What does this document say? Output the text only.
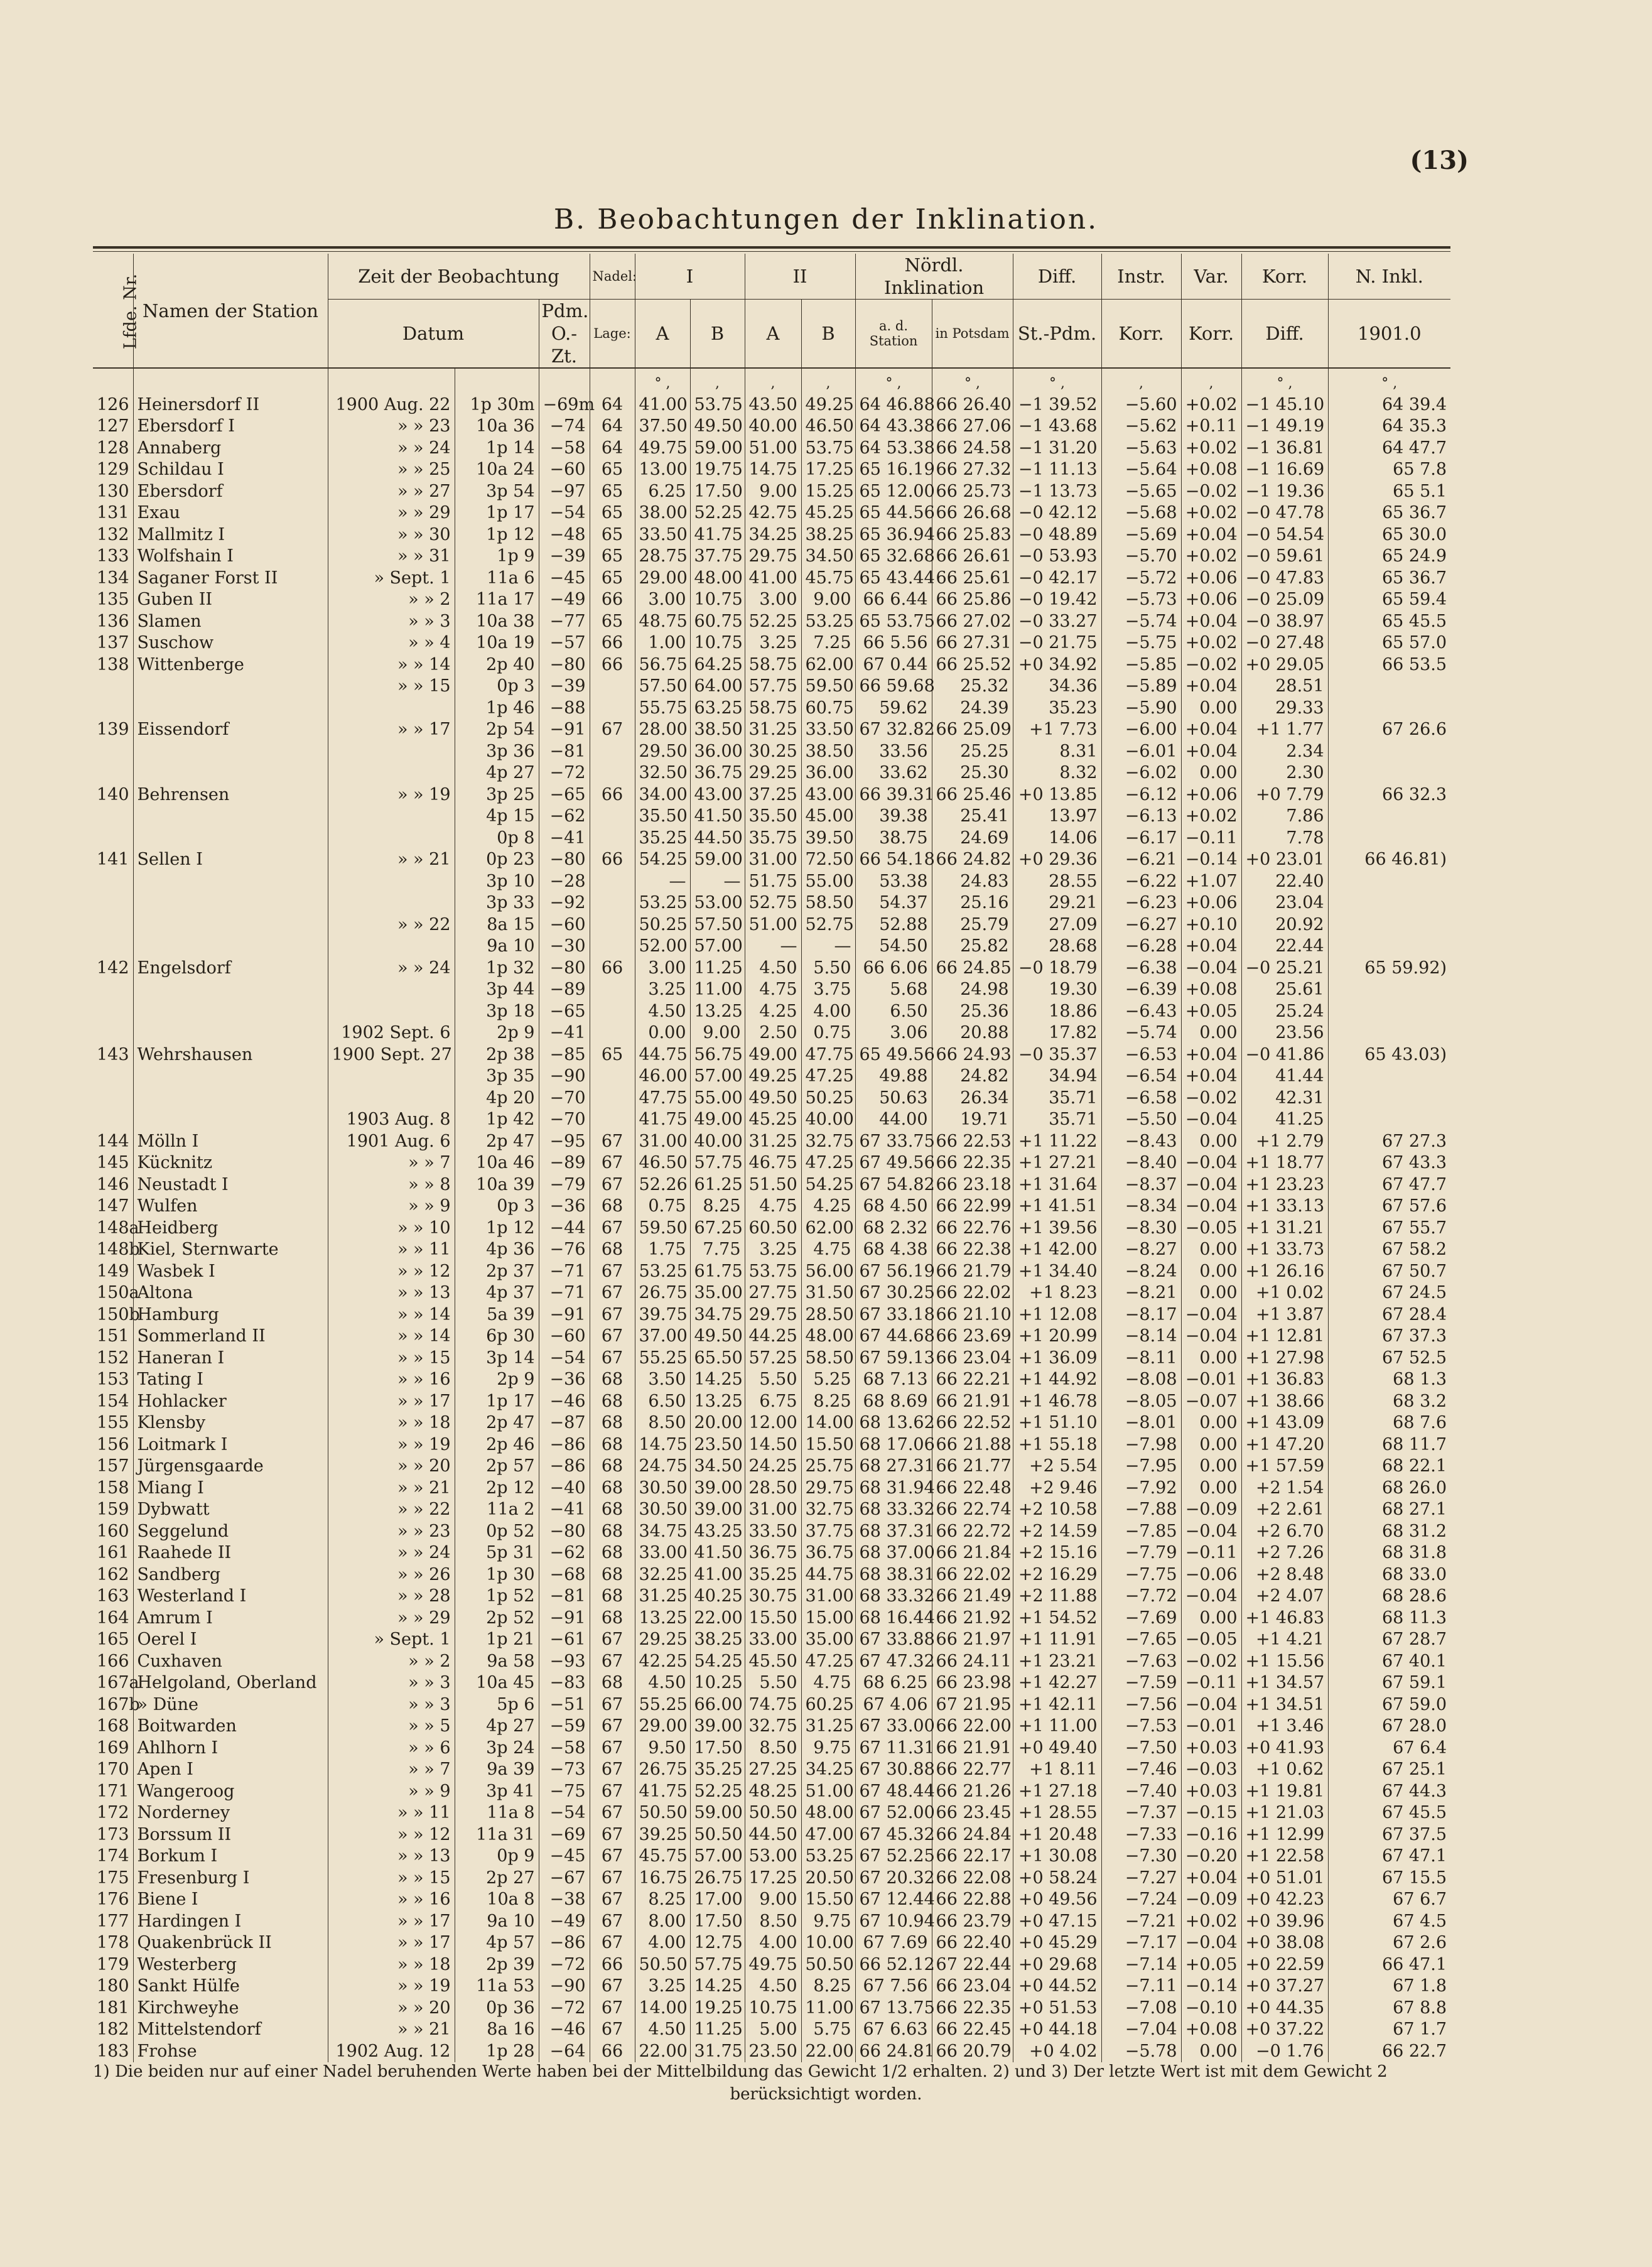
(13)
B. Beobachtungen der Inklination.
Lfde. Nr.	Namen der Station	Zeit der Beobachtung			Nadel:	I		II		Nördl. Inklination		Diff.	Instr.	Var.	Korr.	N. Inkl.
		Datum		Pdm. O.-Zt.	Lage:	A	B	A	B	a. d. Station	in Potsdam	St.-Pdm.	Korr.	Korr.	Diff.	1901.0
						° ,	,	,	,	° ,	° ,	° ,	,	,	° ,	° ,
126	Heinersdorf II	1900 Aug. 22	1p 30m	−69m	64	41.00	53.75	43.50	49.25	64 46.88	66 26.40	−1 39.52	−5.60	+0.02	−1 45.10	64 39.4
127	Ebersdorf I	» » 23	10a 36	−74	64	37.50	49.50	40.00	46.50	64 43.38	66 27.06	−1 43.68	−5.62	+0.11	−1 49.19	64 35.3
128	Annaberg	» » 24	1p 14	−58	64	49.75	59.00	51.00	53.75	64 53.38	66 24.58	−1 31.20	−5.63	+0.02	−1 36.81	64 47.7
129	Schildau I	» » 25	10a 24	−60	65	13.00	19.75	14.75	17.25	65 16.19	66 27.32	−1 11.13	−5.64	+0.08	−1 16.69	65 7.8
130	Ebersdorf	» » 27	3p 54	−97	65	6.25	17.50	9.00	15.25	65 12.00	66 25.73	−1 13.73	−5.65	−0.02	−1 19.36	65 5.1
131	Exau	» » 29	1p 17	−54	65	38.00	52.25	42.75	45.25	65 44.56	66 26.68	−0 42.12	−5.68	+0.02	−0 47.78	65 36.7
132	Mallmitz I	» » 30	1p 12	−48	65	33.50	41.75	34.25	38.25	65 36.94	66 25.83	−0 48.89	−5.69	+0.04	−0 54.54	65 30.0
133	Wolfshain I	» » 31	1p 9	−39	65	28.75	37.75	29.75	34.50	65 32.68	66 26.61	−0 53.93	−5.70	+0.02	−0 59.61	65 24.9
134	Saganer Forst II	» Sept. 1	11a 6	−45	65	29.00	48.00	41.00	45.75	65 43.44	66 25.61	−0 42.17	−5.72	+0.06	−0 47.83	65 36.7
135	Guben II	» » 2	11a 17	−49	66	3.00	10.75	3.00	9.00	66 6.44	66 25.86	−0 19.42	−5.73	+0.06	−0 25.09	65 59.4
136	Slamen	» » 3	10a 38	−77	65	48.75	60.75	52.25	53.25	65 53.75	66 27.02	−0 33.27	−5.74	+0.04	−0 38.97	65 45.5
137	Suschow	» » 4	10a 19	−57	66	1.00	10.75	3.25	7.25	66 5.56	66 27.31	−0 21.75	−5.75	+0.02	−0 27.48	65 57.0
138	Wittenberge	» » 14	2p 40	−80	66	56.75	64.25	58.75	62.00	67 0.44	66 25.52	+0 34.92	−5.85	−0.02	+0 29.05	66 53.5
		» » 15	0p 3	−39		57.50	64.00	57.75	59.50	66 59.68	25.32	34.36	−5.89	+0.04	28.51	
			1p 46	−88		55.75	63.25	58.75	60.75	59.62	24.39	35.23	−5.90	0.00	29.33	
139	Eissendorf	» » 17	2p 54	−91	67	28.00	38.50	31.25	33.50	67 32.82	66 25.09	+1 7.73	−6.00	+0.04	+1 1.77	67 26.6
			3p 36	−81		29.50	36.00	30.25	38.50	33.56	25.25	8.31	−6.01	+0.04	2.34	
			4p 27	−72		32.50	36.75	29.25	36.00	33.62	25.30	8.32	−6.02	0.00	2.30	
140	Behrensen	» » 19	3p 25	−65	66	34.00	43.00	37.25	43.00	66 39.31	66 25.46	+0 13.85	−6.12	+0.06	+0 7.79	66 32.3
			4p 15	−62		35.50	41.50	35.50	45.00	39.38	25.41	13.97	−6.13	+0.02	7.86	
			0p 8	−41		35.25	44.50	35.75	39.50	38.75	24.69	14.06	−6.17	−0.11	7.78	
141	Sellen I	» » 21	0p 23	−80	66	54.25	59.00	31.00	72.50	66 54.18	66 24.82	+0 29.36	−6.21	−0.14	+0 23.01	66 46.81)
			3p 10	−28		—	—	51.75	55.00	53.38	24.83	28.55	−6.22	+1.07	22.40	
			3p 33	−92		53.25	53.00	52.75	58.50	54.37	25.16	29.21	−6.23	+0.06	23.04	
		» » 22	8a 15	−60		50.25	57.50	51.00	52.75	52.88	25.79	27.09	−6.27	+0.10	20.92	
			9a 10	−30		52.00	57.00	—	—	54.50	25.82	28.68	−6.28	+0.04	22.44	
142	Engelsdorf	» » 24	1p 32	−80	66	3.00	11.25	4.50	5.50	66 6.06	66 24.85	−0 18.79	−6.38	−0.04	−0 25.21	65 59.92)
			3p 44	−89		3.25	11.00	4.75	3.75	5.68	24.98	19.30	−6.39	+0.08	25.61	
			3p 18	−65		4.50	13.25	4.25	4.00	6.50	25.36	18.86	−6.43	+0.05	25.24	
		1902 Sept. 6	2p 9	−41		0.00	9.00	2.50	0.75	3.06	20.88	17.82	−5.74	0.00	23.56	
143	Wehrshausen	1900 Sept. 27	2p 38	−85	65	44.75	56.75	49.00	47.75	65 49.56	66 24.93	−0 35.37	−6.53	+0.04	−0 41.86	65 43.03)
			3p 35	−90		46.00	57.00	49.25	47.25	49.88	24.82	34.94	−6.54	+0.04	41.44	
			4p 20	−70		47.75	55.00	49.50	50.25	50.63	26.34	35.71	−6.58	−0.02	42.31	
		1903 Aug. 8	1p 42	−70		41.75	49.00	45.25	40.00	44.00	19.71	35.71	−5.50	−0.04	41.25	
144	Mölln I	1901 Aug. 6	2p 47	−95	67	31.00	40.00	31.25	32.75	67 33.75	66 22.53	+1 11.22	−8.43	0.00	+1 2.79	67 27.3
145	Kücknitz	» » 7	10a 46	−89	67	46.50	57.75	46.75	47.25	67 49.56	66 22.35	+1 27.21	−8.40	−0.04	+1 18.77	67 43.3
146	Neustadt I	» » 8	10a 39	−79	67	52.26	61.25	51.50	54.25	67 54.82	66 23.18	+1 31.64	−8.37	−0.04	+1 23.23	67 47.7
147	Wulfen	» » 9	0p 3	−36	68	0.75	8.25	4.75	4.25	68 4.50	66 22.99	+1 41.51	−8.34	−0.04	+1 33.13	67 57.6
148a	Heidberg	» » 10	1p 12	−44	67	59.50	67.25	60.50	62.00	68 2.32	66 22.76	+1 39.56	−8.30	−0.05	+1 31.21	67 55.7
148b	Kiel, Sternwarte	» » 11	4p 36	−76	68	1.75	7.75	3.25	4.75	68 4.38	66 22.38	+1 42.00	−8.27	0.00	+1 33.73	67 58.2
149	Wasbek I	» » 12	2p 37	−71	67	53.25	61.75	53.75	56.00	67 56.19	66 21.79	+1 34.40	−8.24	0.00	+1 26.16	67 50.7
150a	Altona	» » 13	4p 37	−71	67	26.75	35.00	27.75	31.50	67 30.25	66 22.02	+1 8.23	−8.21	0.00	+1 0.02	67 24.5
150b	Hamburg	» » 14	5a 39	−91	67	39.75	34.75	29.75	28.50	67 33.18	66 21.10	+1 12.08	−8.17	−0.04	+1 3.87	67 28.4
151	Sommerland II	» » 14	6p 30	−60	67	37.00	49.50	44.25	48.00	67 44.68	66 23.69	+1 20.99	−8.14	−0.04	+1 12.81	67 37.3
152	Haneran I	» » 15	3p 14	−54	67	55.25	65.50	57.25	58.50	67 59.13	66 23.04	+1 36.09	−8.11	0.00	+1 27.98	67 52.5
153	Tating I	» » 16	2p 9	−36	68	3.50	14.25	5.50	5.25	68 7.13	66 22.21	+1 44.92	−8.08	−0.01	+1 36.83	68 1.3
154	Hohlacker	» » 17	1p 17	−46	68	6.50	13.25	6.75	8.25	68 8.69	66 21.91	+1 46.78	−8.05	−0.07	+1 38.66	68 3.2
155	Klensby	» » 18	2p 47	−87	68	8.50	20.00	12.00	14.00	68 13.62	66 22.52	+1 51.10	−8.01	0.00	+1 43.09	68 7.6
156	Loitmark I	» » 19	2p 46	−86	68	14.75	23.50	14.50	15.50	68 17.06	66 21.88	+1 55.18	−7.98	0.00	+1 47.20	68 11.7
157	Jürgensgaarde	» » 20	2p 57	−86	68	24.75	34.50	24.25	25.75	68 27.31	66 21.77	+2 5.54	−7.95	0.00	+1 57.59	68 22.1
158	Miang I	» » 21	2p 12	−40	68	30.50	39.00	28.50	29.75	68 31.94	66 22.48	+2 9.46	−7.92	0.00	+2 1.54	68 26.0
159	Dybwatt	» » 22	11a 2	−41	68	30.50	39.00	31.00	32.75	68 33.32	66 22.74	+2 10.58	−7.88	−0.09	+2 2.61	68 27.1
160	Seggelund	» » 23	0p 52	−80	68	34.75	43.25	33.50	37.75	68 37.31	66 22.72	+2 14.59	−7.85	−0.04	+2 6.70	68 31.2
161	Raahede II	» » 24	5p 31	−62	68	33.00	41.50	36.75	36.75	68 37.00	66 21.84	+2 15.16	−7.79	−0.11	+2 7.26	68 31.8
162	Sandberg	» » 26	1p 30	−68	68	32.25	41.00	35.25	44.75	68 38.31	66 22.02	+2 16.29	−7.75	−0.06	+2 8.48	68 33.0
163	Westerland I	» » 28	1p 52	−81	68	31.25	40.25	30.75	31.00	68 33.32	66 21.49	+2 11.88	−7.72	−0.04	+2 4.07	68 28.6
164	Amrum I	» » 29	2p 52	−91	68	13.25	22.00	15.50	15.00	68 16.44	66 21.92	+1 54.52	−7.69	0.00	+1 46.83	68 11.3
165	Oerel I	» Sept. 1	1p 21	−61	67	29.25	38.25	33.00	35.00	67 33.88	66 21.97	+1 11.91	−7.65	−0.05	+1 4.21	67 28.7
166	Cuxhaven	» » 2	9a 58	−93	67	42.25	54.25	45.50	47.25	67 47.32	66 24.11	+1 23.21	−7.63	−0.02	+1 15.56	67 40.1
167a	Helgoland, Oberland	» » 3	10a 45	−83	68	4.50	10.25	5.50	4.75	68 6.25	66 23.98	+1 42.27	−7.59	−0.11	+1 34.57	67 59.1
167b	» Düne	» » 3	5p 6	−51	67	55.25	66.00	74.75	60.25	67 4.06	67 21.95	+1 42.11	−7.56	−0.04	+1 34.51	67 59.0
168	Boitwarden	» » 5	4p 27	−59	67	29.00	39.00	32.75	31.25	67 33.00	66 22.00	+1 11.00	−7.53	−0.01	+1 3.46	67 28.0
169	Ahlhorn I	» » 6	3p 24	−58	67	9.50	17.50	8.50	9.75	67 11.31	66 21.91	+0 49.40	−7.50	+0.03	+0 41.93	67 6.4
170	Apen I	» » 7	9a 39	−73	67	26.75	35.25	27.25	34.25	67 30.88	66 22.77	+1 8.11	−7.46	−0.03	+1 0.62	67 25.1
171	Wangeroog	» » 9	3p 41	−75	67	41.75	52.25	48.25	51.00	67 48.44	66 21.26	+1 27.18	−7.40	+0.03	+1 19.81	67 44.3
172	Norderney	» » 11	11a 8	−54	67	50.50	59.00	50.50	48.00	67 52.00	66 23.45	+1 28.55	−7.37	−0.15	+1 21.03	67 45.5
173	Borssum II	» » 12	11a 31	−69	67	39.25	50.50	44.50	47.00	67 45.32	66 24.84	+1 20.48	−7.33	−0.16	+1 12.99	67 37.5
174	Borkum I	» » 13	0p 9	−45	67	45.75	57.00	53.00	53.25	67 52.25	66 22.17	+1 30.08	−7.30	−0.20	+1 22.58	67 47.1
175	Fresenburg I	» » 15	2p 27	−67	67	16.75	26.75	17.25	20.50	67 20.32	66 22.08	+0 58.24	−7.27	+0.04	+0 51.01	67 15.5
176	Biene I	» » 16	10a 8	−38	67	8.25	17.00	9.00	15.50	67 12.44	66 22.88	+0 49.56	−7.24	−0.09	+0 42.23	67 6.7
177	Hardingen I	» » 17	9a 10	−49	67	8.00	17.50	8.50	9.75	67 10.94	66 23.79	+0 47.15	−7.21	+0.02	+0 39.96	67 4.5
178	Quakenbrück II	» » 17	4p 57	−86	67	4.00	12.75	4.00	10.00	67 7.69	66 22.40	+0 45.29	−7.17	−0.04	+0 38.08	67 2.6
179	Westerberg	» » 18	2p 39	−72	66	50.50	57.75	49.75	50.50	66 52.12	67 22.44	+0 29.68	−7.14	+0.05	+0 22.59	66 47.1
180	Sankt Hülfe	» » 19	11a 53	−90	67	3.25	14.25	4.50	8.25	67 7.56	66 23.04	+0 44.52	−7.11	−0.14	+0 37.27	67 1.8
181	Kirchweyhe	» » 20	0p 36	−72	67	14.00	19.25	10.75	11.00	67 13.75	66 22.35	+0 51.53	−7.08	−0.10	+0 44.35	67 8.8
182	Mittelstendorf	» » 21	8a 16	−46	67	4.50	11.25	5.00	5.75	67 6.63	66 22.45	+0 44.18	−7.04	+0.08	+0 37.22	67 1.7
183	Frohse	1902 Aug. 12	1p 28	−64	66	22.00	31.75	23.50	22.00	66 24.81	66 20.79	+0 4.02	−5.78	0.00	−0 1.76	66 22.7
1) Die beiden nur auf einer Nadel beruhenden Werte haben bei der Mittelbildung das Gewicht 1/2 erhalten. 2) und 3) Der letzte Wert ist mit dem Gewicht 2
berücksichtigt worden.
